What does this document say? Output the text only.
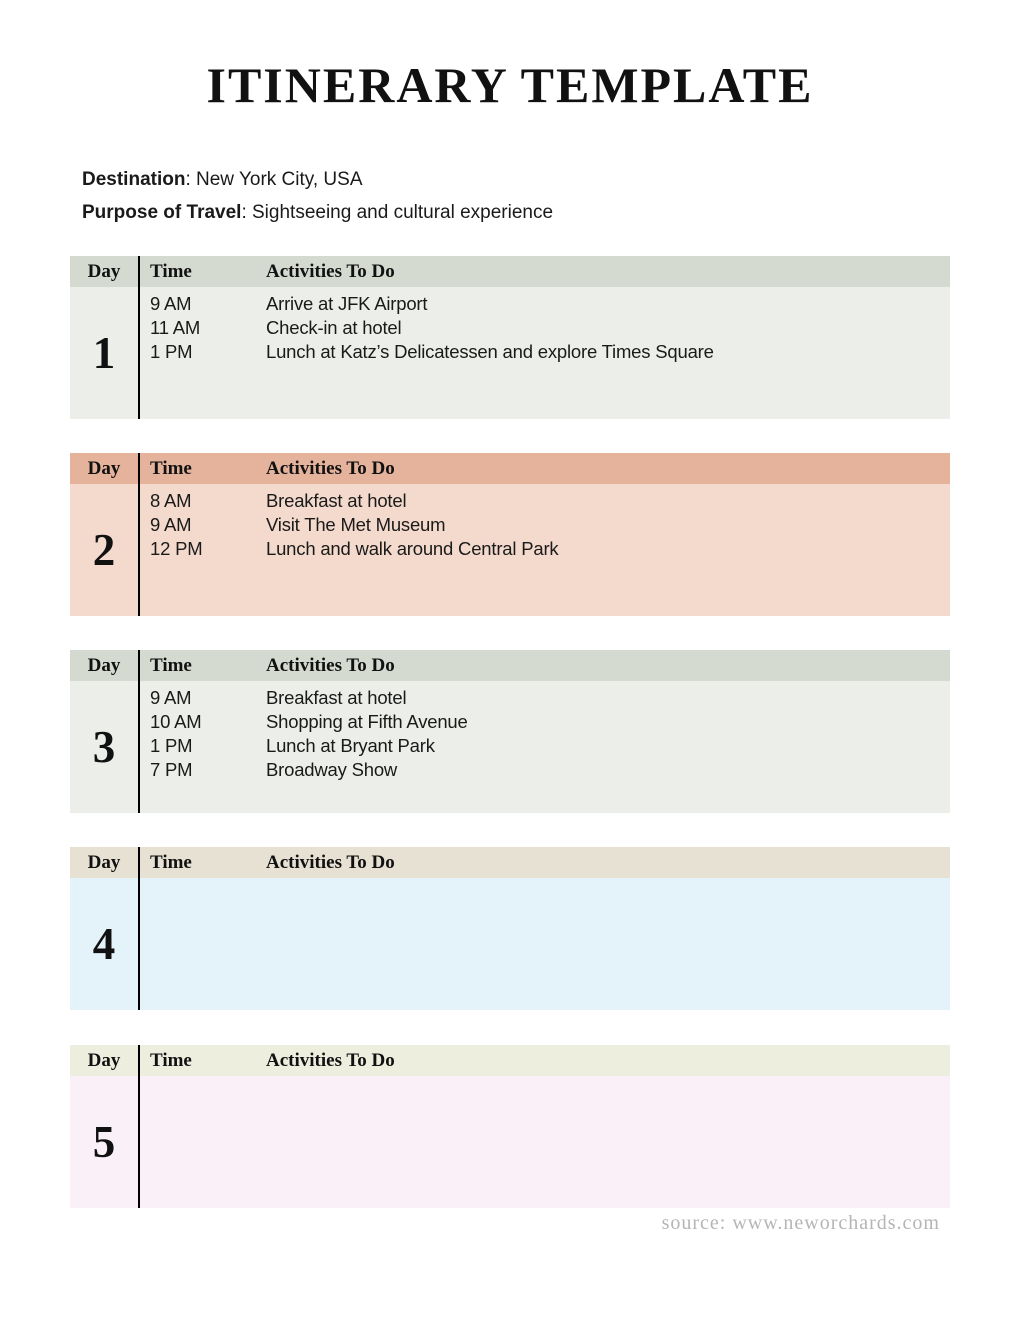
ITINERARY TEMPLATE
Destination: New York City, USA
Purpose of Travel: Sightseeing and cultural experience
Day	Time	Activities To Do
1
9 AM	Arrive at JFK Airport
11 AM	Check-in at hotel
1 PM	Lunch at Katz’s Delicatessen and explore Times Square
Day	Time	Activities To Do
2
8 AM	Breakfast at hotel
9 AM	Visit The Met Museum
12 PM	Lunch and walk around Central Park
Day	Time	Activities To Do
3
9 AM	Breakfast at hotel
10 AM	Shopping at Fifth Avenue
1 PM	Lunch at Bryant Park
7 PM	Broadway Show
Day	Time	Activities To Do
4
Day	Time	Activities To Do
5
source: www.neworchards.com
